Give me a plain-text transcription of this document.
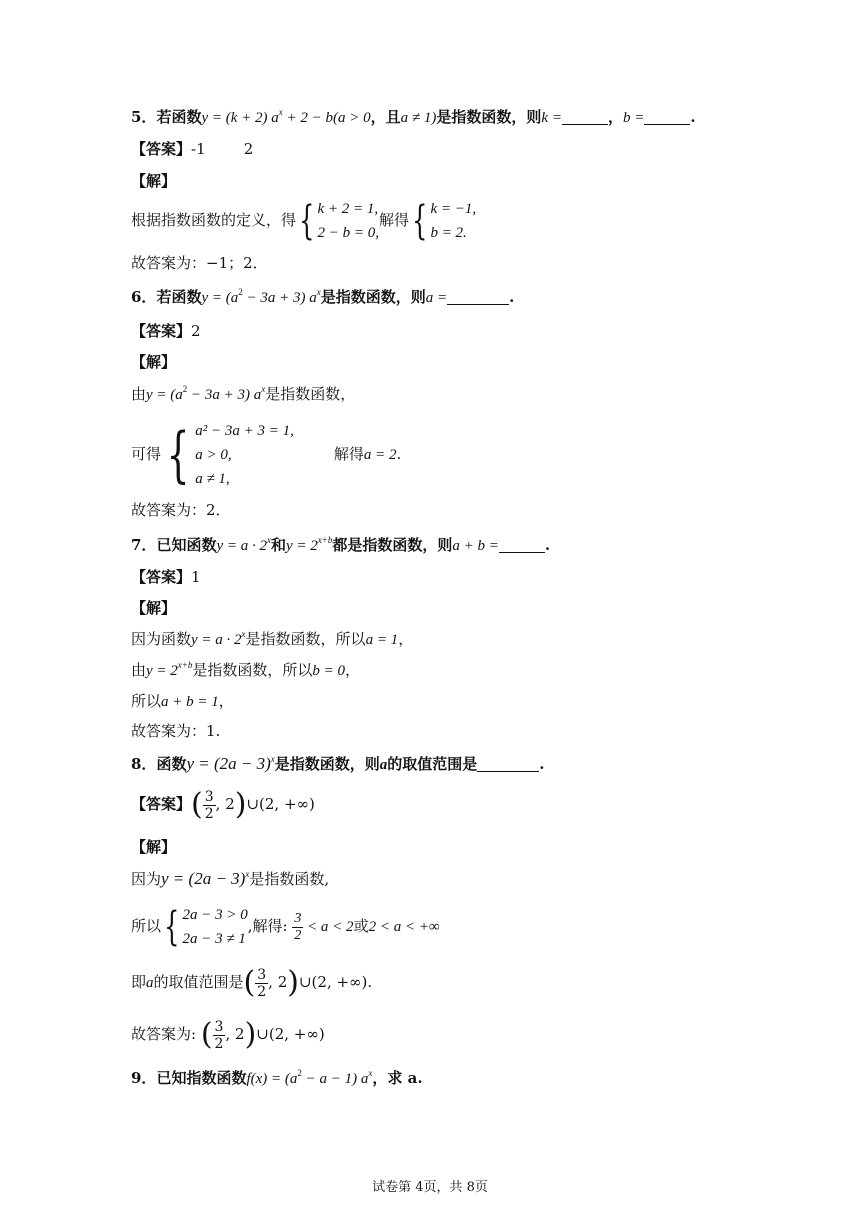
5．若函数y = (k + 2) $a^x + 2 - b(a > 0$，且a ≠ 1)是指数函数，则k =	，b =	.
【答案】-1        2
【解】
根据指数函数的定义，得{ k + 2 = 1,
2 − b = 0,
解得{ k = −1,
b = 2.
故答案为：−1；2．
6．若函数$y = (a^2 - 3a + 3)$ $a^x$是指数函数，则a =	.
【答案】2
【解】
由$y = (a^2 - 3a + 3)$ $a^x$是指数函数，
可得{ a² − 3a + 3 = 1,
a > 0,
a ≠ 1,
解得a = 2.
故答案为：2．
7．已知函数$y = a \cdot 2^x$和$y = 2^{x+b}$都是指数函数，则a + b =	.
【答案】1
【解】
因为函数$y = a \cdot 2^x$是指数函数，所以a = 1，
由$y = 2^{x+b}$是指数函数，所以b = 0，
所以a + b = 1，
故答案为：1.
8．函数$y = (2a - 3)^x$是指数函数，则a的取值范围是	.
【答案】( $\frac{3}{2}$ , 2)∪(2, +∞)
【解】
因为$y = (2a - 3)^x$是指数函数,
所以{ 2a − 3 > 0
2a − 3 ≠ 1
,解得: $\frac{3}{2} < a < 2$或2 < a < +∞
即a的取值范围是( $\frac{3}{2}$ , 2)∪(2, +∞).
故答案为: ( $\frac{3}{2}$ , 2)∪(2, +∞)
9．已知指数函数$f(x) = (a^2 - a - 1)$ $a^x$，求 a.
试卷第 4页，共 8页
